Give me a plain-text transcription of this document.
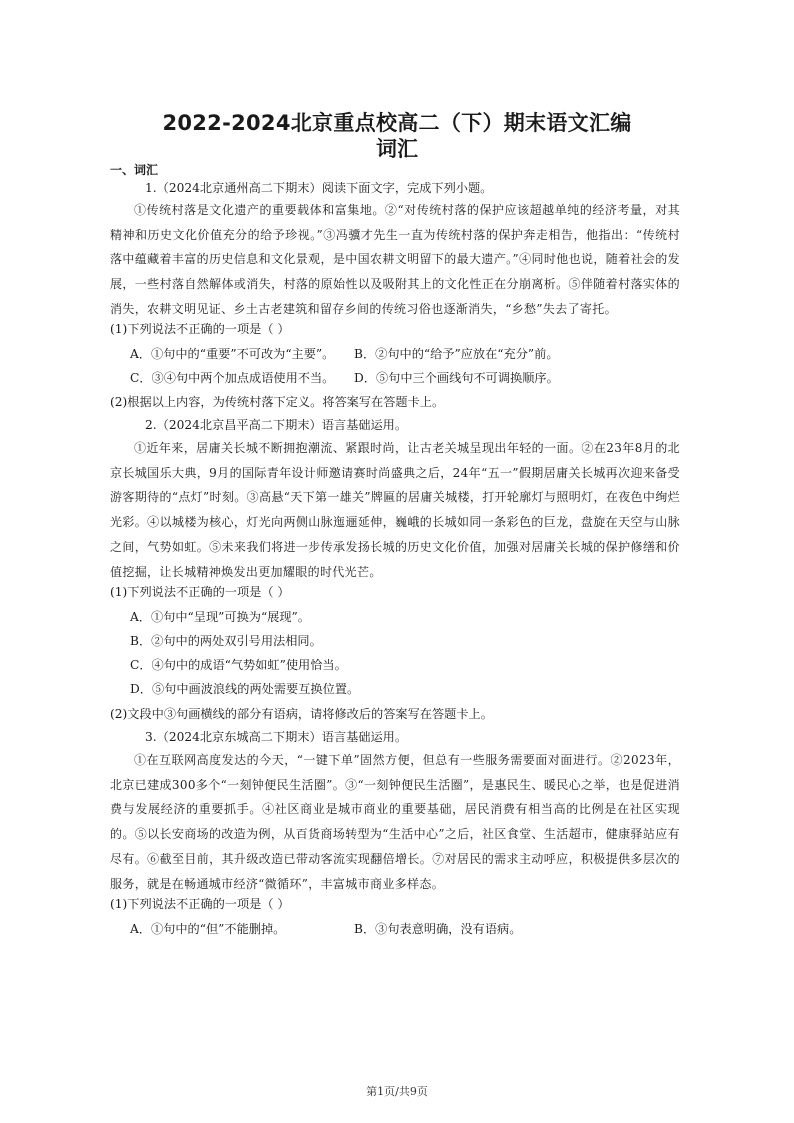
2022-2024北京重点校高二（下）期末语文汇编
词汇
一、词汇
1.（2024北京通州高二下期末）阅读下面文字，完成下列小题。

①传统村落是文化遗产的重要载体和富集地。②“对传统村落的保护应该超越单纯的经济考量，对其精神和历史文化价值充分的给予珍视。”③冯骥才先生一直为传统村落的保护奔走相告，他指出：“传统村落中蕴藏着丰富的历史信息和文化景观，是中国农耕文明留下的最大遗产。”④同时他也说，随着社会的发展，一些村落自然解体或消失，村落的原始性以及吸附其上的文化性正在分崩离析。⑤伴随着村落实体的消失，农耕文明见证、乡土古老建筑和留存乡间的传统习俗也逐渐消失，“乡愁”失去了寄托。

(1)下列说法不正确的一项是（ ）
A．①句中的“重要”不可改为“主要”。 B．②句中的“给予”应放在“充分”前。
C．③④句中两个加点成语使用不当。 D．⑤句中三个画线句不可调换顺序。
(2)根据以上内容，为传统村落下定义。将答案写在答题卡上。
2.（2024北京昌平高二下期末）语言基础运用。

①近年来，居庸关长城不断拥抱潮流、紧跟时尚，让古老关城呈现出年轻的一面。②在23年8月的北京长城国乐大典，9月的国际青年设计师邀请赛时尚盛典之后，24年“五一”假期居庸关长城再次迎来备受游客期待的“点灯”时刻。③高悬“天下第一雄关”牌匾的居庸关城楼，打开轮廓灯与照明灯，在夜色中绚烂光彩。④以城楼为核心，灯光向两侧山脉迤逦延伸，巍峨的长城如同一条彩色的巨龙，盘旋在天空与山脉之间，气势如虹。⑤未来我们将进一步传承发扬长城的历史文化价值，加强对居庸关长城的保护修缮和价值挖掘，让长城精神焕发出更加耀眼的时代光芒。

(1)下列说法不正确的一项是（ ）
A．①句中“呈现”可换为“展现”。
B．②句中的两处双引号用法相同。
C．④句中的成语“气势如虹”使用恰当。
D．⑤句中画波浪线的两处需要互换位置。
(2)文段中③句画横线的部分有语病，请将修改后的答案写在答题卡上。
3.（2024北京东城高二下期末）语言基础运用。

①在互联网高度发达的今天，“一键下单”固然方便，但总有一些服务需要面对面进行。②2023年，北京已建成300多个“一刻钟便民生活圈”。③“一刻钟便民生活圈”，是惠民生、暖民心之举，也是促进消费与发展经济的重要抓手。④社区商业是城市商业的重要基础，居民消费有相当高的比例是在社区实现的。⑤以长安商场的改造为例，从百货商场转型为“生活中心”之后，社区食堂、生活超市，健康驿站应有尽有。⑥截至目前，其升级改造已带动客流实现翻倍增长。⑦对居民的需求主动呼应，积极提供多层次的服务，就是在畅通城市经济“微循环”，丰富城市商业多样态。

(1)下列说法不正确的一项是（ ）
A．①句中的“但”不能删掉。	B．③句表意明确，没有语病。
第1页/共9页
